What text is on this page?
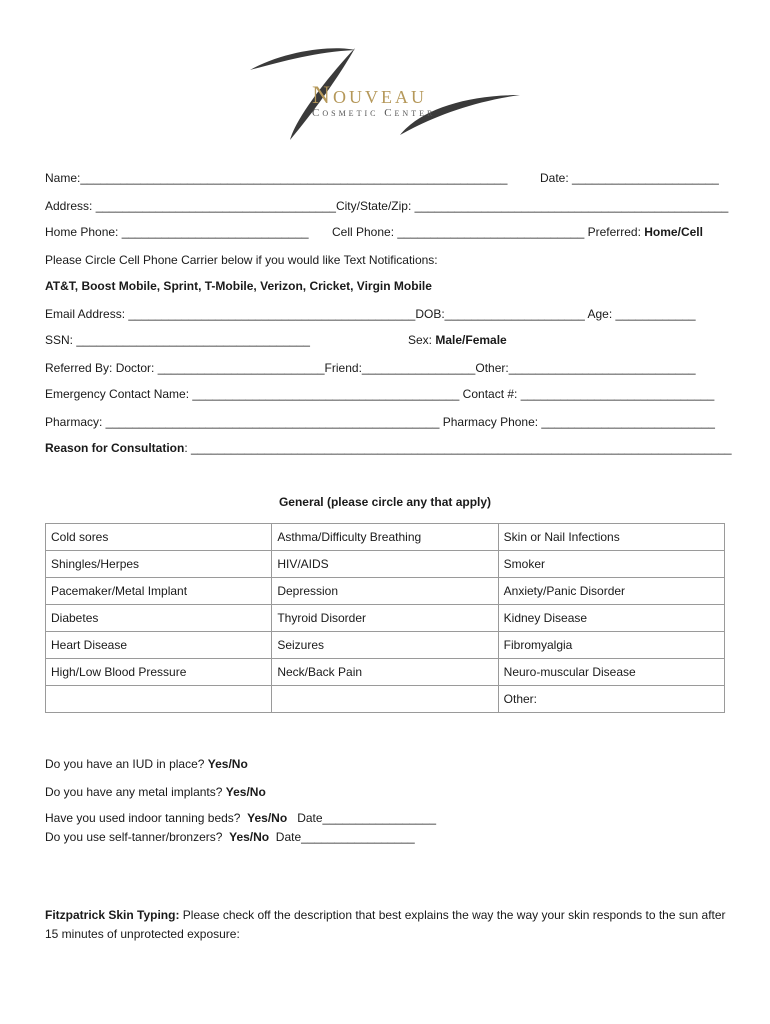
Nouveau
Cosmetic Center
Name:________________________________________________________________	Date: ______________________
Address: ____________________________________City/State/Zip: _______________________________________________
Home Phone: ____________________________ Cell Phone: ____________________________ Preferred: Home/Cell
Please Circle Cell Phone Carrier below if you would like Text Notifications:
AT&T, Boost Mobile, Sprint, T-Mobile, Verizon, Cricket, Virgin Mobile
Email Address: ___________________________________________DOB:_____________________ Age: ____________
SSN: ___________________________________	Sex: Male/Female
Referred By: Doctor: _________________________Friend:_________________Other:____________________________
Emergency Contact Name: ________________________________________ Contact #: _____________________________
Pharmacy: __________________________________________________ Pharmacy Phone: __________________________
Reason for Consultation: _________________________________________________________________________________
General (please circle any that apply)
Cold sores	Asthma/Difficulty Breathing	Skin or Nail Infections
Shingles/Herpes	HIV/AIDS	Smoker
Pacemaker/Metal Implant	Depression	Anxiety/Panic Disorder
Diabetes	Thyroid Disorder	Kidney Disease
Heart Disease	Seizures	Fibromyalgia
High/Low Blood Pressure	Neck/Back Pain	Neuro-muscular Disease
		Other:
Do you have an IUD in place? Yes/No
Do you have any metal implants? Yes/No
Have you used indoor tanning beds?  Yes/No   Date_________________
Do you use self-tanner/bronzers?  Yes/No  Date_________________
Fitzpatrick Skin Typing: Please check off the description that best explains the way the way your skin responds to the sun after 15 minutes of unprotected exposure:
